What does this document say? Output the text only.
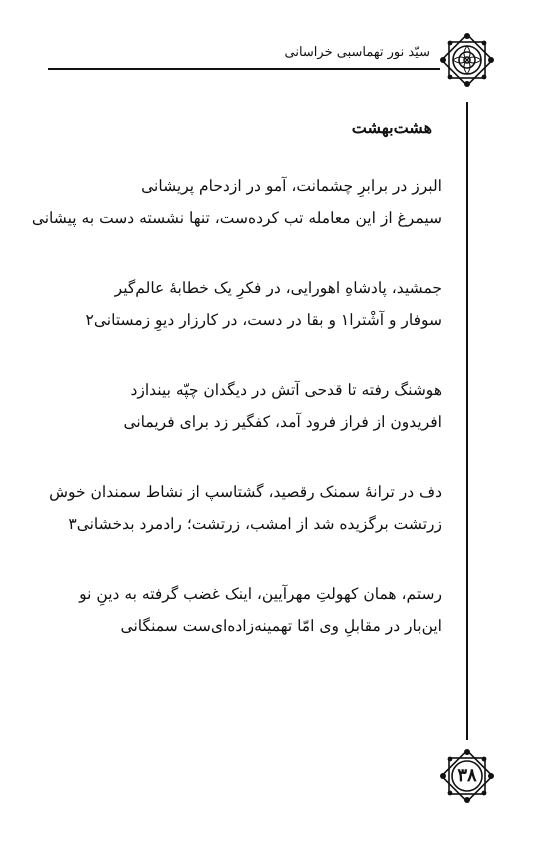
سیّد نور تهماسبی خراسانی
هشت‌بهشت
البرز در برابرِ چشمانت، آمو در ازدحام پریشانی
سیمرغ از این معامله تب کرده‌ست، تنها نشسته دست به پیشانی
جمشید، پادشاهِ اهورایی، در فکرِ یک خطابهٔ عالم‌گیر
سوفار و آشْترا۱ و بقا در دست، در کارزار دیوِ زمستانی۲
هوشنگ رفته تا قدحی آتش در دیگدان چپّه بیندازد
افریدون از فراز فرود آمد، کفگیر زد برای فریمانی
دف در ترانهٔ سمنک رقصید، گشتاسپ از نشاط سمندان خوش
زرتشت برگزیده شد از امشب، زرتشت؛ رادمرد بدخشانی۳
رستم، همان کهولتِ مهرآیین، اینک غضب گرفته به دینِ نو
این‌بار در مقابلِ وی امّا تهمینه‌زاده‌ای‌ست سمنگانی
۳۸
